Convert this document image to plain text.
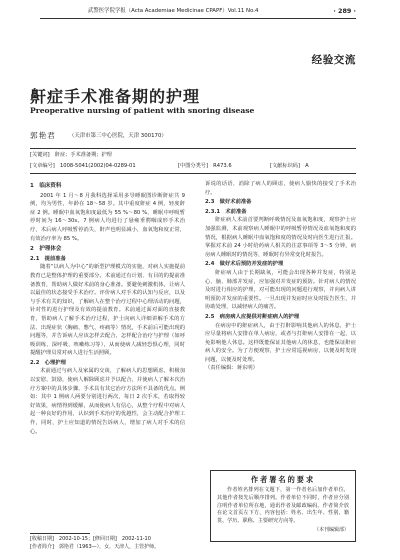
武警医学院学报（Acta Academiae Medicinae CPAPF）Vol.11 No.4	· 289 ·
经验交流
鼾症手术准备期的护理
Preoperative nursing of patient with snoring disease
郭艳君 （天津市第三中心医院，天津 300170）
[关键词]　鼾症；手术准备期；护理
[文章编号]　1008-5041(2002)04-0289-01	[中图分类号]　R473.6	[文献标识码]　A
1　临床资料

2001 年 1 月～8 月我科选择采用多导睡眠图诊断鼾症共 9 例，均为男性，年龄在 18～58 岁。其中重度鼾症 4 例，轻度鼾症 2 例。睡眠中血氧饱和度最低为 55 %～80 %，睡眠中呼吸暂停时间为 16～30s。7 例病人均进行了悬雍垂腭咽成形手术治疗，术后病人呼吸暂停消失，鼾声也明显减小，血氧饱和度正常，有效治疗率为 85 %。

2　护理体会
2.1　提前准备

随着“以病人为中心”的新型护理模式的实施，对病人实施提前教育已是整体护理的重要部分。术前通过有计划、有目的的提前准备教育，帮助病人做好术前的身心准备。要避免刺激机体，让病人以最佳的状态接受手术治疗。评价病人对手术的认知与反应，以及与手术有关的知识，了解病人在整个治疗过程中心理活动的问题，针对性的进行护理及有效的提前教育。术前通过面对面的直接教育，帮助病人了解手术治疗过程，护士向病人详细讲解手术的方法、出现症状（胸痛、憋气、疼痛等）情况，手术前后可能出现的问题等，并告诉病人应该怎样去配合，怎样配合治疗与护理（如呼吸训练、深呼吸、咳嗽练习等），从而使病人减轻恐惧心理，同时提醒护理员常对病人进行生活照顾。

2.2　心理护理

术前通过与病人及家属的交谈，了解病人的思想顾虑，积极加以安慰、鼓励，使病人解除顾虑并予以配合，并使病人了解本次治疗方案中的具体步骤、手术具有其它治疗方法所不具备的优点。例如：其中 1 例病人两要分别进行两次，每日 2 次手术，若取得较好效果，病情得到缓解，从而使病人有信心，从整个疗程中对病人起一种良好的作用，认识到手术治疗的优越性，会主动配合护理工作，同时，护士应知道的情况告诉病人，增加了病人对手术的信心。

诉说的话语，消除了病人的顾虑，使病人愉快的接受了手术治疗。

2.3　做好术前准备
2.3.1　术前准备

鼾症病人术前首要判断呼吸情况及血氧饱和度，观察护士应加强监测，术前观察病人睡眠中的呼吸暂停情况及血氧饱和度的情况，根据病人睡眠中血氧饱和度的情况及时向医生进行汇报。掌握对术前 24 小时给药病人相关的注意事项等 3～5 分钟，病房病人睡眠时的情况等，睡眠时有异常变化时报告。

2.4　做好术后预防并发症的护理

鼾症病人由于长期缺氧，可能会出现各种并发症，特别是心、脑、肺部并发症，应加强对并发症的预防。针对病人的情况及时进行相应的护理，对可能出现的问题进行观察，并向病人讲明预防并发症的重要性。一旦出现并发症时应及时报告医生，并协助处理，以减轻病人的痛苦。

2.5　病房病人应提供对鼾症病人的护理

在病房中的鼾症病人，由于打鼾影响其他病人的休息，护士应尽量将病人安排在单人病房，或者与打鼾病人安排在一起，以免影响他人休息。这样既能保证其他病人的休息，也能保证鼾症病人的安全。为了方便观察，护士应常巡视病房，以便及时发现问题，以便及时处理。

（责任编辑：蒋东明）

作者署名的要求

作者姓名排列在文题下，第一作者名后加作者单位，其他作者按先后顺序排列。作者单位不同时，作者应分别注明作者单位所在地，通讯作者及邮政编码。作者简介放在论文首页左下方，内容包括：姓名、出生年、性别、籍贯、学历、职称、主要研究方向等。

（本刊编辑部）
[收稿日期]　2002-10-15；[修回日期]　2002-11-10
[作者简介]　郭艳君（1963—），女，天津人，主管护师。
